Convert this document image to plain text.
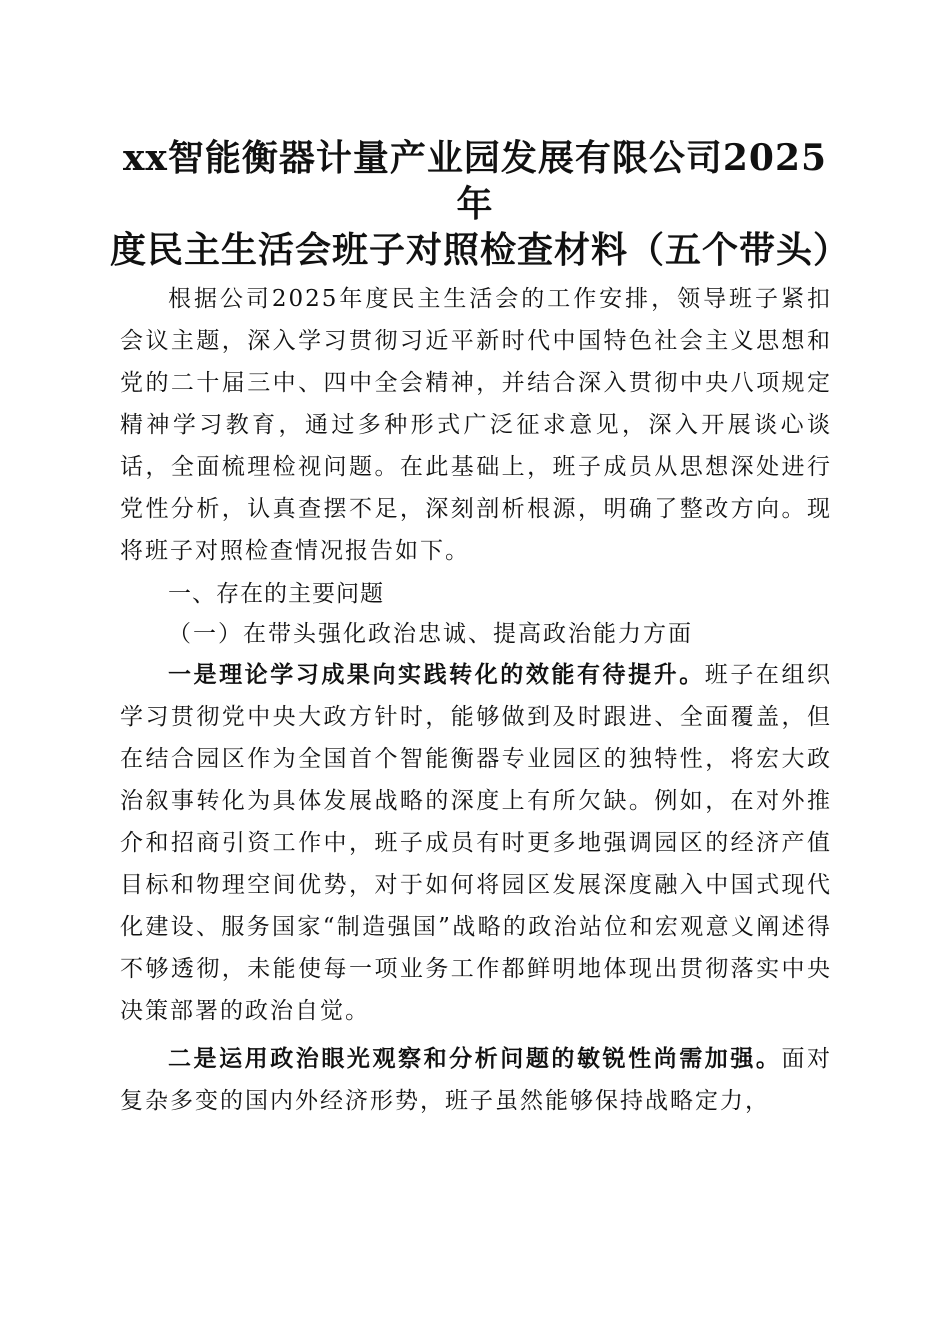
xx智能衡器计量产业园发展有限公司2025年
度民主生活会班子对照检查材料（五个带头）

根据公司2025年度民主生活会的工作安排，领导班子紧扣会议主题，深入学习贯彻习近平新时代中国特色社会主义思想和党的二十届三中、四中全会精神，并结合深入贯彻中央八项规定精神学习教育，通过多种形式广泛征求意见，深入开展谈心谈话，全面梳理检视问题。在此基础上，班子成员从思想深处进行党性分析，认真查摆不足，深刻剖析根源，明确了整改方向。现将班子对照检查情况报告如下。

一、存在的主要问题

（一）在带头强化政治忠诚、提高政治能力方面

一是理论学习成果向实践转化的效能有待提升。班子在组织学习贯彻党中央大政方针时，能够做到及时跟进、全面覆盖，但在结合园区作为全国首个智能衡器专业园区的独特性，将宏大政治叙事转化为具体发展战略的深度上有所欠缺。例如，在对外推介和招商引资工作中，班子成员有时更多地强调园区的经济产值目标和物理空间优势，对于如何将园区发展深度融入中国式现代化建设、服务国家“制造强国”战略的政治站位和宏观意义阐述得不够透彻，未能使每一项业务工作都鲜明地体现出贯彻落实中央决策部署的政治自觉。

二是运用政治眼光观察和分析问题的敏锐性尚需加强。面对复杂多变的国内外经济形势，班子虽然能够保持战略定力，
